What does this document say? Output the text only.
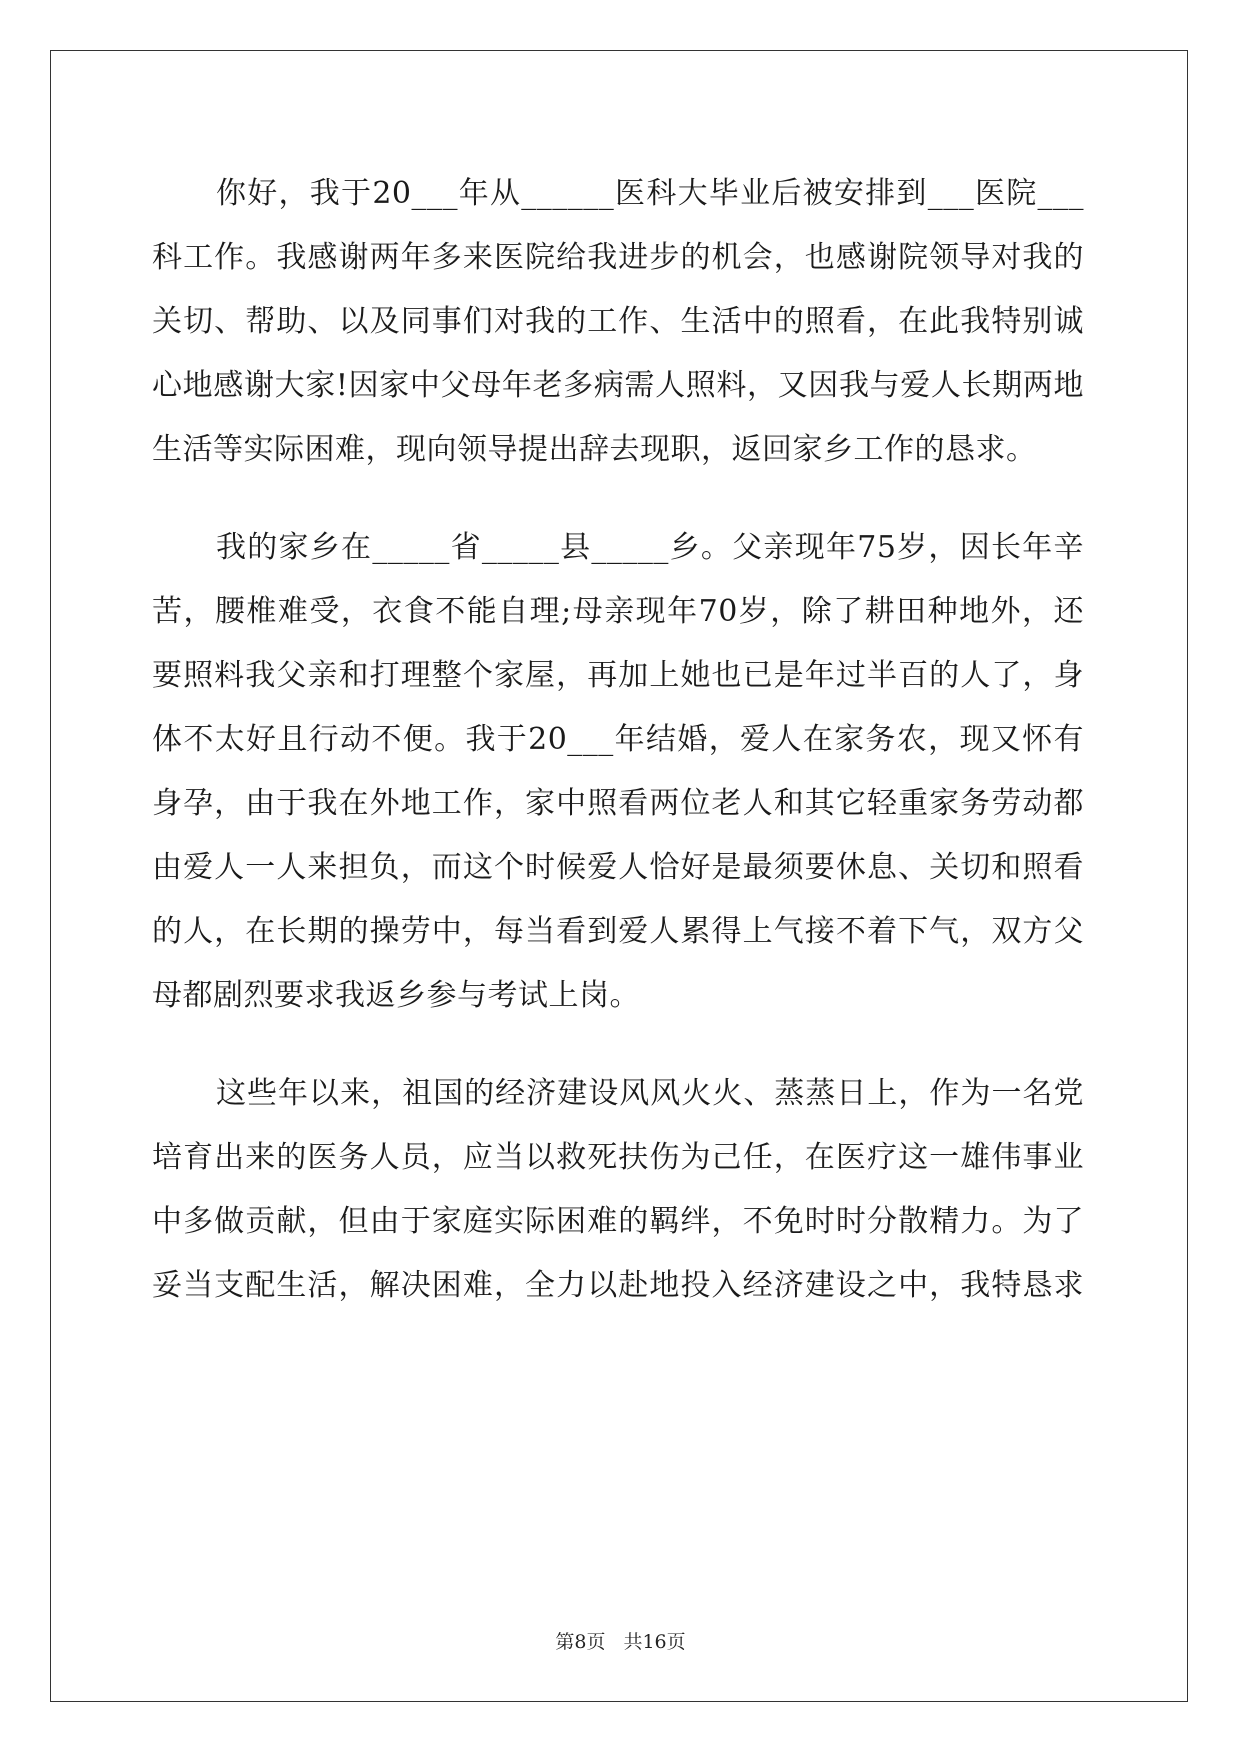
你好，我于20___年从______医科大毕业后被安排到___医院___
科工作。我感谢两年多来医院给我进步的机会，也感谢院领导对我的
关切、帮助、以及同事们对我的工作、生活中的照看，在此我特别诚
心地感谢大家!因家中父母年老多病需人照料，又因我与爱人长期两地
生活等实际困难，现向领导提出辞去现职，返回家乡工作的恳求。
我的家乡在_____省_____县_____乡。父亲现年75岁，因长年辛
苦，腰椎难受，衣食不能自理;母亲现年70岁，除了耕田种地外，还
要照料我父亲和打理整个家屋，再加上她也已是年过半百的人了，身
体不太好且行动不便。我于20___年结婚，爱人在家务农，现又怀有
身孕，由于我在外地工作，家中照看两位老人和其它轻重家务劳动都
由爱人一人来担负，而这个时候爱人恰好是最须要休息、关切和照看
的人，在长期的操劳中，每当看到爱人累得上气接不着下气，双方父
母都剧烈要求我返乡参与考试上岗。
这些年以来，祖国的经济建设风风火火、蒸蒸日上，作为一名党
培育出来的医务人员，应当以救死扶伤为己任，在医疗这一雄伟事业
中多做贡献，但由于家庭实际困难的羁绊，不免时时分散精力。为了
妥当支配生活，解决困难，全力以赴地投入经济建设之中，我特恳求
第8页 共16页
